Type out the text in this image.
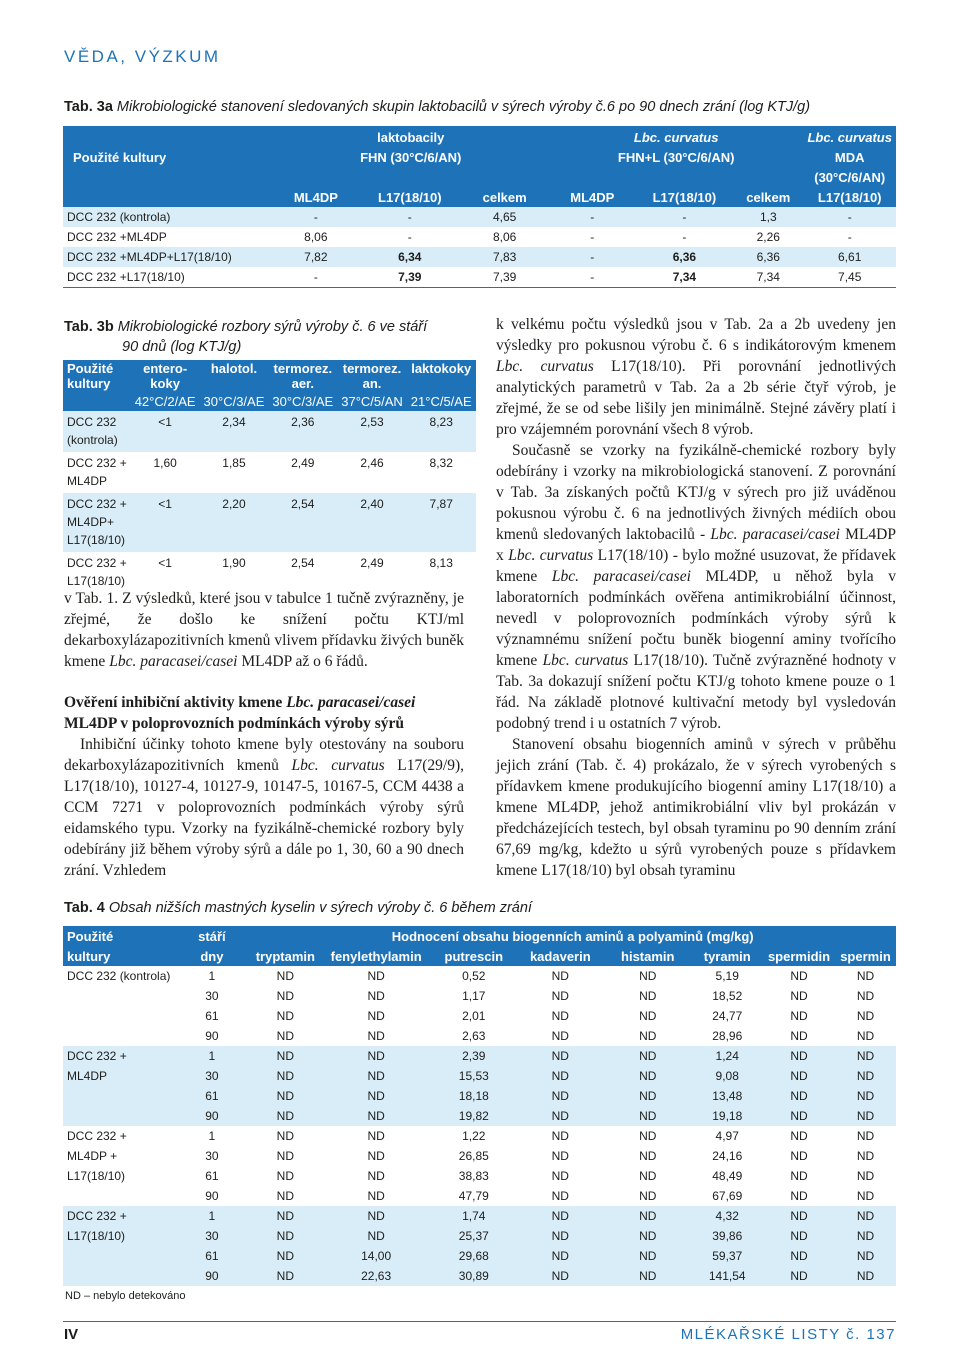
VĚDA, VÝZKUM
Tab. 3a Mikrobiologické stanovení sledovaných skupin laktobacilů v sýrech výroby č.6 po 90 dnech zrání (log KTJ/g)
	laktobacily			Lbc. curvatus			Lbc. curvatus
Použité kultury	FHN (30°C/6/AN)			FHN+L (30°C/6/AN)			MDA
							(30°C/6/AN)
	ML4DP	L17(18/10)	celkem	ML4DP	L17(18/10)	celkem	L17(18/10)
DCC 232 (kontrola)	-	-	4,65	-	-	1,3	-
DCC 232 +ML4DP	8,06	-	8,06	-	-	2,26	-
DCC 232 +ML4DP+L17(18/10)	7,82	6,34	7,83	-	6,36	6,36	6,61
DCC 232 +L17(18/10)	-	7,39	7,39	-	7,34	7,34	7,45
Tab. 3b Mikrobiologické rozbory sýrů výroby č. 6 ve stáří
90 dnů (log KTJ/g)
Použité	entero-	halotol.	termorez.	termorez.	laktokoky
kultury	koky		aer.	an.	
	42°C/2/AE	30°C/3/AE	30°C/3/AE	37°C/5/AN	21°C/5/AE

DCC 232
(kontrola)	<1	2,34	2,36	2,53	8,23

DCC 232 +
ML4DP	1,60	1,85	2,49	2,46	8,32

DCC 232 +
ML4DP+
L17(18/10)	<1	2,20	2,54	2,40	7,87

DCC 232 +
L17(18/10)	<1	1,90	2,54	2,49	8,13

v Tab. 1. Z výsledků, které jsou v tabulce 1 tučně zvýrazněny, je zřejmé, že došlo ke snížení počtu KTJ/ml dekarboxylázapozitivních kmenů vlivem přídavku živých buněk kmene Lbc. paracasei/casei ML4DP až o 6 řádů.

Ověření inhibiční aktivity kmene Lbc. paracasei/casei ML4DP v poloprovozních podmínkách výroby sýrů

Inhibiční účinky tohoto kmene byly otestovány na souboru dekarboxylázapozitivních kmenů Lbc. curvatus L17(29/9), L17(18/10), 10127-4, 10127-9, 10147-5, 10167-5, CCM 4438 a CCM 7271 v poloprovozních podmínkách výroby sýrů eidamského typu. Vzorky na fyzikálně-chemické rozbory byly odebírány již během výroby sýrů a dále po 1, 30, 60 a 90 dnech zrání. Vzhledem

k velkému počtu výsledků jsou v Tab. 2a a 2b uvedeny jen výsledky pro pokusnou výrobu č. 6 s indikátorovým kmenem Lbc. curvatus L17(18/10). Při porovnání jednotlivých analytických parametrů v Tab. 2a a 2b série čtyř výrob, je zřejmé, že se od sebe lišily jen minimálně. Stejné závěry platí i pro vzájemném porovnání všech 8 výrob.

Současně se vzorky na fyzikálně-chemické rozbory byly odebírány i vzorky na mikrobiologická stanovení. Z porovnání v Tab. 3a získaných počtů KTJ/g v sýrech pro již uváděnou pokusnou výrobu č. 6 na jednotlivých živných médiích obou kmenů sledovaných laktobacilů - Lbc. paracasei/casei ML4DP x Lbc. curvatus L17(18/10) - bylo možné usuzovat, že přídavek kmene Lbc. paracasei/casei ML4DP, u něhož byla v laboratorních podmínkách ověřena antimikrobiální účinnost, nevedl v poloprovozních podmínkách výroby sýrů k významnému snížení počtu buněk biogenní aminy tvořícího kmene Lbc. curvatus L17(18/10). Tučně zvýrazněné hodnoty v Tab. 3a dokazují snížení počtu KTJ/g tohoto kmene pouze o 1 řád. Na základě plotnové kultivační metody byl vysledován podobný trend i u ostatních 7 výrob.

Stanovení obsahu biogenních aminů v sýrech v průběhu jejich zrání (Tab. č. 4) prokázalo, že v sýrech vyrobených s přídavkem kmene produkujícího biogenní aminy L17(18/10) a kmene ML4DP, jehož antimikrobiální vliv byl prokázán v předcházejících testech, byl obsah tyraminu po 90 denním zrání 67,69 mg/kg, kdežto u sýrů vyrobených pouze s přídavkem kmene L17(18/10) byl obsah tyraminu

Tab. 4 Obsah nižších mastných kyselin v sýrech výroby č. 6 během zrání
Použité	stáří	Hodnocení obsahu biogenních aminů a polyaminů (mg/kg)							
kultury	dny	tryptamin	fenylethylamin	putrescin	kadaverin	histamin	tyramin	spermidin	spermin
DCC 232 (kontrola)	1	ND	ND	0,52	ND	ND	5,19	ND	ND
	30	ND	ND	1,17	ND	ND	18,52	ND	ND
	61	ND	ND	2,01	ND	ND	24,77	ND	ND
	90	ND	ND	2,63	ND	ND	28,96	ND	ND
DCC 232 +	1	ND	ND	2,39	ND	ND	1,24	ND	ND
ML4DP	30	ND	ND	15,53	ND	ND	9,08	ND	ND
	61	ND	ND	18,18	ND	ND	13,48	ND	ND
	90	ND	ND	19,82	ND	ND	19,18	ND	ND
DCC 232 +	1	ND	ND	1,22	ND	ND	4,97	ND	ND
ML4DP +	30	ND	ND	26,85	ND	ND	24,16	ND	ND
L17(18/10)	61	ND	ND	38,83	ND	ND	48,49	ND	ND
	90	ND	ND	47,79	ND	ND	67,69	ND	ND
DCC 232 +	1	ND	ND	1,74	ND	ND	4,32	ND	ND
L17(18/10)	30	ND	ND	25,37	ND	ND	39,86	ND	ND
	61	ND	14,00	29,68	ND	ND	59,37	ND	ND
	90	ND	22,63	30,89	ND	ND	141,54	ND	ND
ND – nebylo detekováno
IV	MLÉKAŘSKÉ LISTY č. 137
